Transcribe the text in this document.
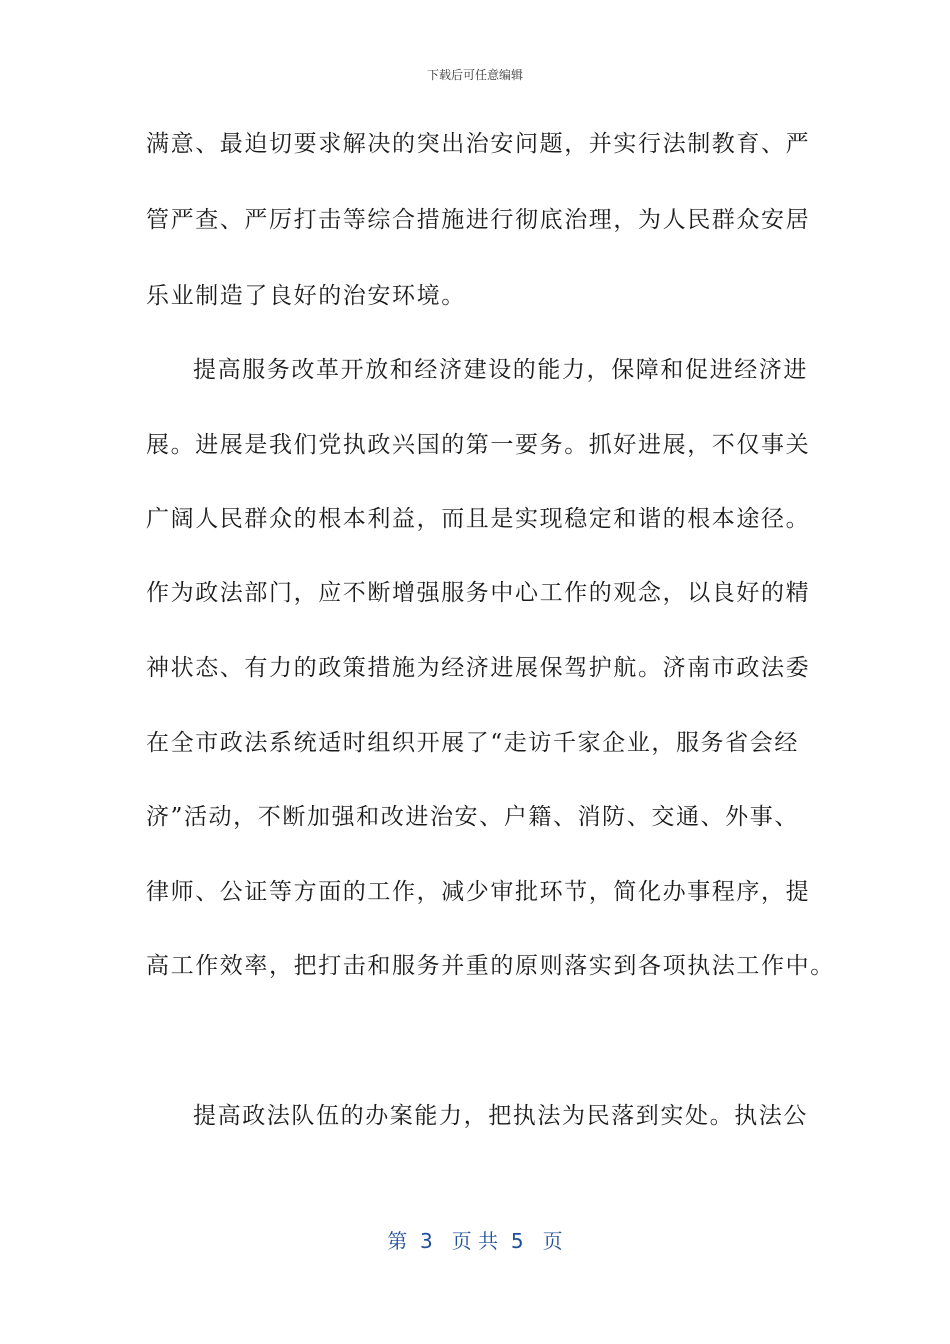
下载后可任意编辑
满意、最迫切要求解决的突出治安问题，并实行法制教育、严
管严查、严厉打击等综合措施进行彻底治理，为人民群众安居
乐业制造了良好的治安环境。
提高服务改革开放和经济建设的能力，保障和促进经济进
展。进展是我们党执政兴国的第一要务。抓好进展，不仅事关
广阔人民群众的根本利益，而且是实现稳定和谐的根本途径。
作为政法部门，应不断增强服务中心工作的观念，以良好的精
神状态、有力的政策措施为经济进展保驾护航。济南市政法委
在全市政法系统适时组织开展了“走访千家企业，服务省会经
济”活动，不断加强和改进治安、户籍、消防、交通、外事、
律师、公证等方面的工作，减少审批环节，简化办事程序，提
高工作效率，把打击和服务并重的原则落实到各项执法工作中。
提高政法队伍的办案能力，把执法为民落到实处。执法公
第  3   页 共  5   页
